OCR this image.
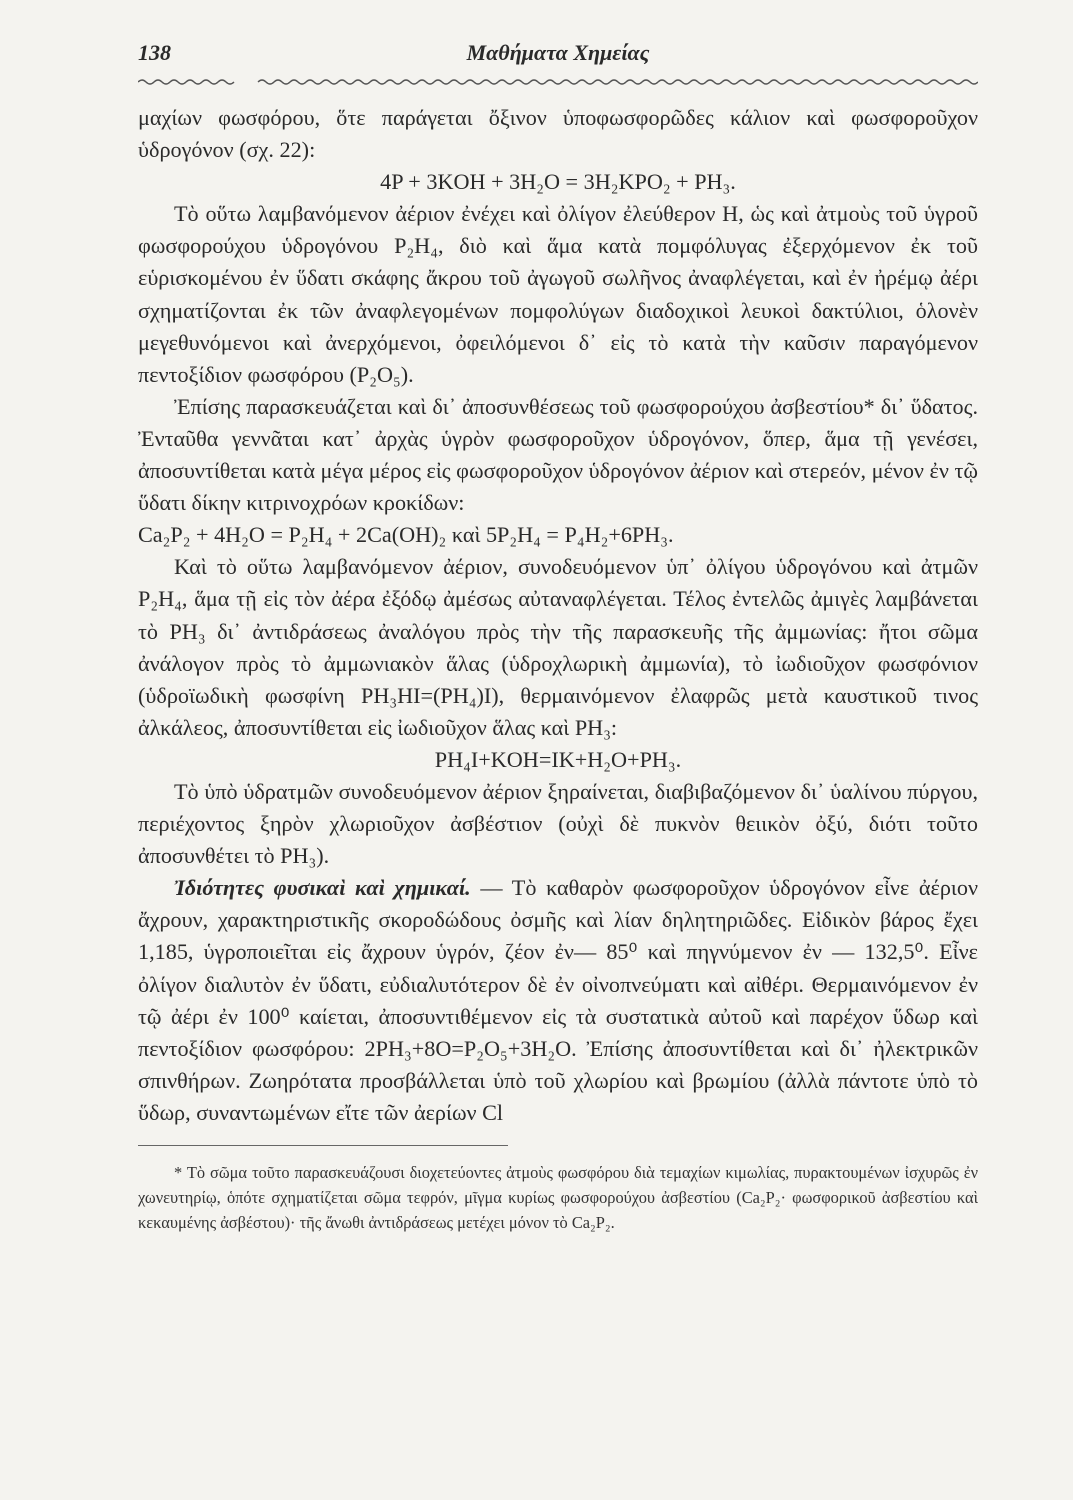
138	Μαθήματα Χημείας

μαχίων φωσφόρου, ὅτε παράγεται ὄξινον ὑποφωσφορῶδες κάλιον καὶ φωσφοροῦχον ὑδρογόνον (σχ. 22):

4P + 3KOH + 3H₂O = 3H₂KPO₂ + PH₃.

Τὸ οὕτω λαμβανόμενον ἀέριον ἐνέχει καὶ ὀλίγον ἐλεύθερον H, ὡς καὶ ἀτμοὺς τοῦ ὑγροῦ φωσφορούχου ὑδρογόνου P₂H₄, διὸ καὶ ἅμα κατὰ πομφόλυγας ἐξερχόμενον ἐκ τοῦ εὑρισκομένου ἐν ὕδατι σκάφης ἄκρου τοῦ ἀγωγοῦ σωλῆνος ἀναφλέγεται, καὶ ἐν ἠρέμῳ ἀέρι σχηματίζονται ἐκ τῶν ἀναφλεγομένων πομφολύγων διαδοχικοὶ λευκοὶ δακτύλιοι, ὁλονὲν μεγεθυνόμενοι καὶ ἀνερχόμενοι, ὀφειλόμενοι δ᾽ εἰς τὸ κατὰ τὴν καῦσιν παραγόμενον πεντοξίδιον φωσφόρου (P₂O₅).

Ἐπίσης παρασκευάζεται καὶ δι᾽ ἀποσυνθέσεως τοῦ φωσφορούχου ἀσβεστίου* δι᾽ ὕδατος. Ἐνταῦθα γεννᾶται κατ᾽ ἀρχὰς ὑγρὸν φωσφοροῦχον ὑδρογόνον, ὅπερ, ἅμα τῇ γενέσει, ἀποσυντίθεται κατὰ μέγα μέρος εἰς φωσφοροῦχον ὑδρογόνον ἀέριον καὶ στερεόν, μένον ἐν τῷ ὕδατι δίκην κιτρινοχρόων κροκίδων:

Ca₂P₂ + 4H₂O = P₂H₄ + 2Ca(OH)₂ καὶ 5P₂H₄ = P₄H₂+6PH₃.

Καὶ τὸ οὕτω λαμβανόμενον ἀέριον, συνοδευόμενον ὑπ᾽ ὀλίγου ὑδρογόνου καὶ ἀτμῶν P₂H₄, ἅμα τῇ εἰς τὸν ἀέρα ἐξόδῳ ἀμέσως αὐταναφλέγεται. Τέλος ἐντελῶς ἀμιγὲς λαμβάνεται τὸ PH₃ δι᾽ ἀντιδράσεως ἀναλόγου πρὸς τὴν τῆς παρασκευῆς τῆς ἀμμωνίας: ἤτοι σῶμα ἀνάλογον πρὸς τὸ ἀμμωνιακὸν ἅλας (ὑδροχλωρικὴ ἀμμωνία), τὸ ἰωδιοῦχον φωσφόνιον (ὑδροϊωδικὴ φωσφίνη PH₃HI=(PH₄)I), θερμαινόμενον ἐλαφρῶς μετὰ καυστικοῦ τινος ἀλκάλεος, ἀποσυντίθεται εἰς ἰωδιοῦχον ἅλας καὶ PH₃:

PH₄I+KOH=IK+H₂O+PH₃.

Τὸ ὑπὸ ὑδρατμῶν συνοδευόμενον ἀέριον ξηραίνεται, διαβιβαζόμενον δι᾽ ὑαλίνου πύργου, περιέχοντος ξηρὸν χλωριοῦχον ἀσβέστιον (οὐχὶ δὲ πυκνὸν θειικὸν ὀξύ, διότι τοῦτο ἀποσυνθέτει τὸ PH₃).

Ἰδιότητες φυσικαὶ καὶ χημικαί. — Τὸ καθαρὸν φωσφοροῦχον ὑδρογόνον εἶνε ἀέριον ἄχρουν, χαρακτηριστικῆς σκοροδώδους ὀσμῆς καὶ λίαν δηλητηριῶδες. Εἰδικὸν βάρος ἔχει 1,185, ὑγροποιεῖται εἰς ἄχρουν ὑγρόν, ζέον ἐν— 85⁰ καὶ πηγνύμενον ἐν — 132,5⁰. Εἶνε ὀλίγον διαλυτὸν ἐν ὕδατι, εὐδιαλυτότερον δὲ ἐν οἰνοπνεύματι καὶ αἰθέρι. Θερμαινόμενον ἐν τῷ ἀέρι ἐν 100⁰ καίεται, ἀποσυντιθέμενον εἰς τὰ συστατικὰ αὐτοῦ καὶ παρέχον ὕδωρ καὶ πεντοξίδιον φωσφόρου: 2PH₃+8O=P₂O₅+3H₂O. Ἐπίσης ἀποσυντίθεται καὶ δι᾽ ἠλεκτρικῶν σπινθήρων. Ζωηρότατα προσβάλλεται ὑπὸ τοῦ χλωρίου καὶ βρωμίου (ἀλλὰ πάντοτε ὑπὸ τὸ ὕδωρ, συναντωμένων εἴτε τῶν ἀερίων Cl

* Τὸ σῶμα τοῦτο παρασκευάζουσι διοχετεύοντες ἀτμοὺς φωσφόρου διὰ τεμαχίων κιμωλίας, πυρακτουμένων ἰσχυρῶς ἐν χωνευτηρίῳ, ὁπότε σχηματίζεται σῶμα τεφρόν, μῖγμα κυρίως φωσφορούχου ἀσβεστίου (Ca₂P₂· φωσφορικοῦ ἀσβεστίου καὶ κεκαυμένης ἀσβέστου)· τῆς ἄνωθι ἀντιδράσεως μετέχει μόνον τὸ Ca₂P₂.
